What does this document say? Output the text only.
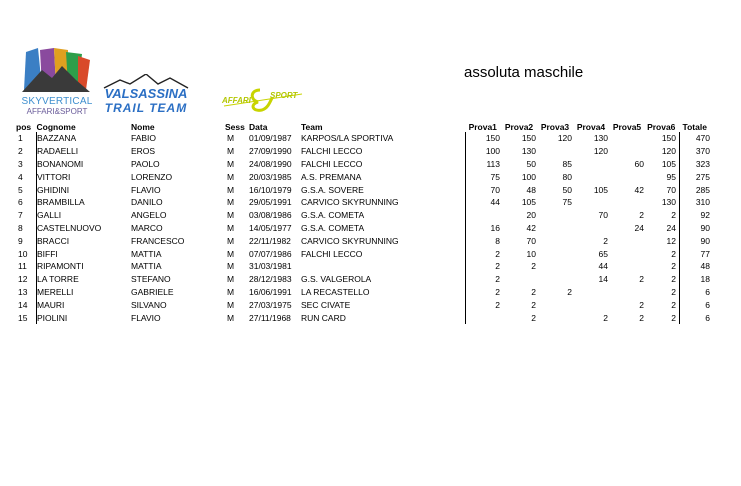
SKYVERTICAL
AFFARI&SPORT
VALSASSINA
TRAIL TEAM
AFFARI
SPORT
assoluta maschile
pos	Cognome	Nome	Sess	Data	Team	Prova1	Prova2	Prova3	Prova4	Prova5	Prova6	Totale
1	BAZZANA	FABIO	M	01/09/1987	KARPOS/LA SPORTIVA	150	150	120	130		150	470
2	RADAELLI	EROS	M	27/09/1990	FALCHI LECCO	100	130		120		120	370
3	BONANOMI	PAOLO	M	24/08/1990	FALCHI LECCO	113	50	85		60	105	323
4	VITTORI	LORENZO	M	20/03/1985	A.S. PREMANA	75	100	80			95	275
5	GHIDINI	FLAVIO	M	16/10/1979	G.S.A. SOVERE	70	48	50	105	42	70	285
6	BRAMBILLA	DANILO	M	29/05/1991	CARVICO SKYRUNNING	44	105	75			130	310
7	GALLI	ANGELO	M	03/08/1986	G.S.A. COMETA		20		70	2	2	92
8	CASTELNUOVO	MARCO	M	14/05/1977	G.S.A. COMETA	16	42			24	24	90
9	BRACCI	FRANCESCO	M	22/11/1982	CARVICO SKYRUNNING	8	70		2		12	90
10	BIFFI	MATTIA	M	07/07/1986	FALCHI LECCO	2	10		65		2	77
11	RIPAMONTI	MATTIA	M	31/03/1981		2	2		44		2	48
12	LA TORRE	STEFANO	M	28/12/1983	G.S. VALGEROLA	2			14	2	2	18
13	MERELLI	GABRIELE	M	16/06/1991	LA RECASTELLO	2	2	2			2	6
14	MAURI	SILVANO	M	27/03/1975	SEC CIVATE	2	2			2	2	6
15	PIOLINI	FLAVIO	M	27/11/1968	RUN CARD		2		2	2	2	6
